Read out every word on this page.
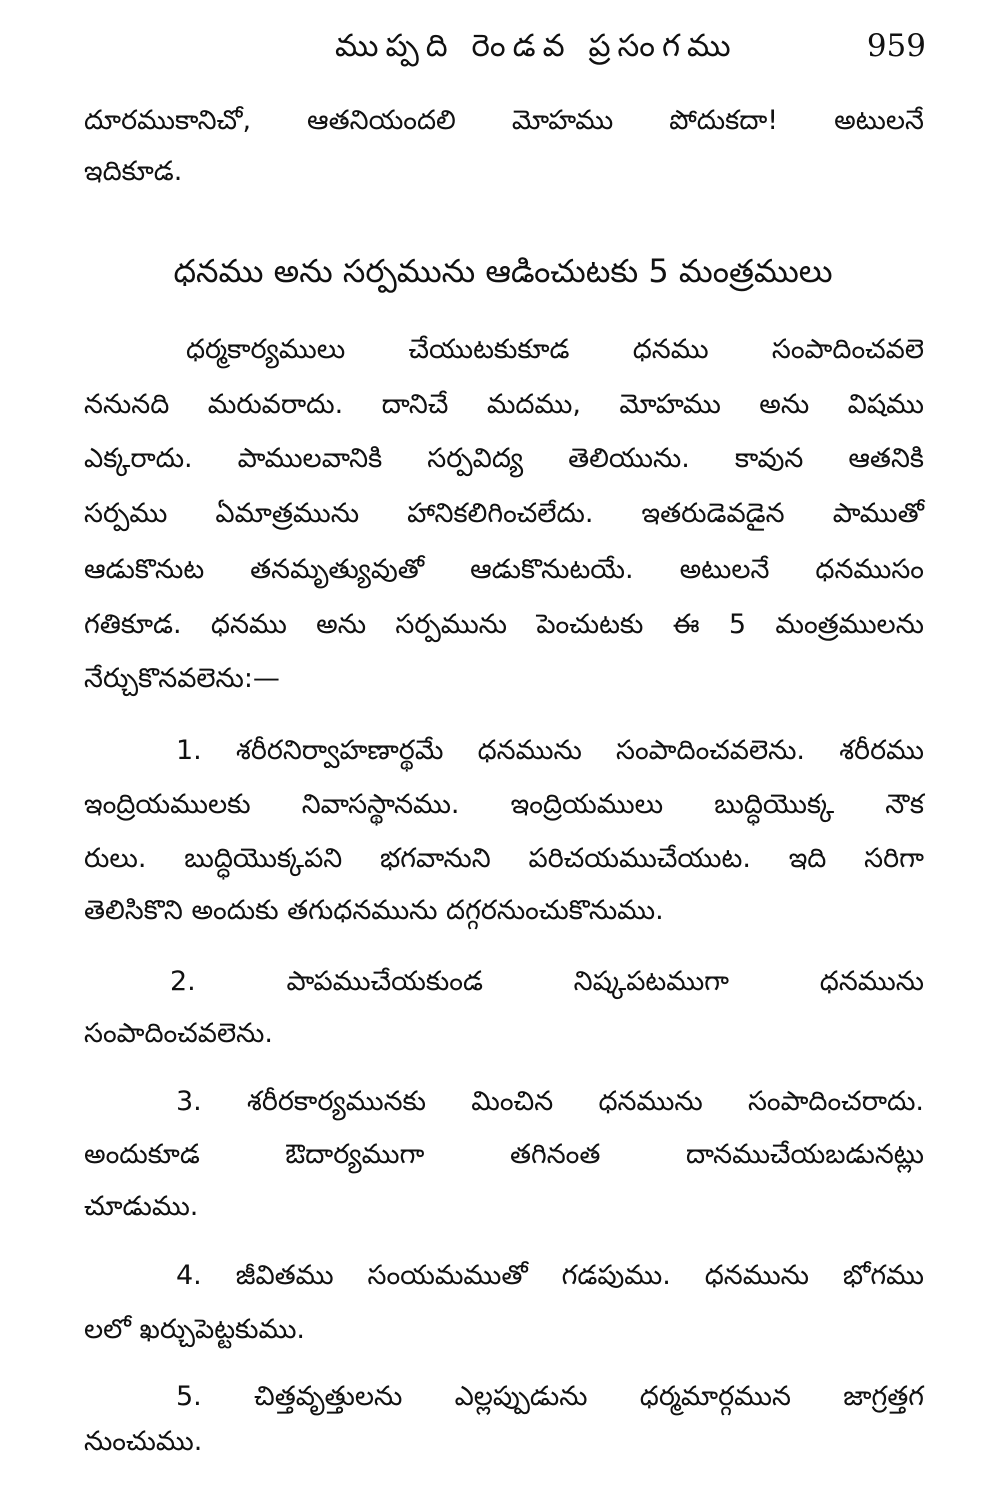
ముప్పది రెండవ ప్రసంగము	959
దూరముకానిచో, ఆతనియందలి మోహము పోదుకదా! అటులనే
ఇదికూడ.
ధనము అను సర్పమును ఆడించుటకు 5 మంత్రములు
ధర్మకార్యములు చేయుటకుకూడ ధనము సంపాదించవలె
ననునది మరువరాదు. దానిచే మదము, మోహము అను విషము
ఎక్కరాదు. పాములవానికి సర్పవిద్య తెలియును. కావున ఆతనికి
సర్పము ఏమాత్రమును హానికలిగించలేదు. ఇతరుడెవడైన పాముతో
ఆడుకొనుట తనమృత్యువుతో ఆడుకొనుటయే. అటులనే ధనముసం
గతికూడ. ధనము అను సర్పమును పెంచుటకు ఈ 5 మంత్రములను
నేర్చుకొనవలెను:—
1. శరీరనిర్వాహణార్థమే ధనమును సంపాదించవలెను. శరీరము
ఇంద్రియములకు నివాసస్థానము. ఇంద్రియములు బుద్ధియొక్క నౌక
రులు. బుద్ధియొక్కపని భగవానుని పరిచయముచేయుట. ఇది సరిగా
తెలిసికొని అందుకు తగుధనమును దగ్గరనుంచుకొనుము.
2. పాపముచేయకుండ నిష్కపటముగా ధనమును
సంపాదించవలెను.
3. శరీరకార్యమునకు మించిన ధనమును సంపాదించరాదు.
అందుకూడ ఔదార్యముగా తగినంత దానముచేయబడునట్లు
చూడుము.
4. జీవితము సంయమముతో గడపుము. ధనమును భోగము
లలో ఖర్చుపెట్టకుము.
5. చిత్తవృత్తులను ఎల్లప్పుడును ధర్మమార్గమున జాగ్రత్తగ
నుంచుము.
